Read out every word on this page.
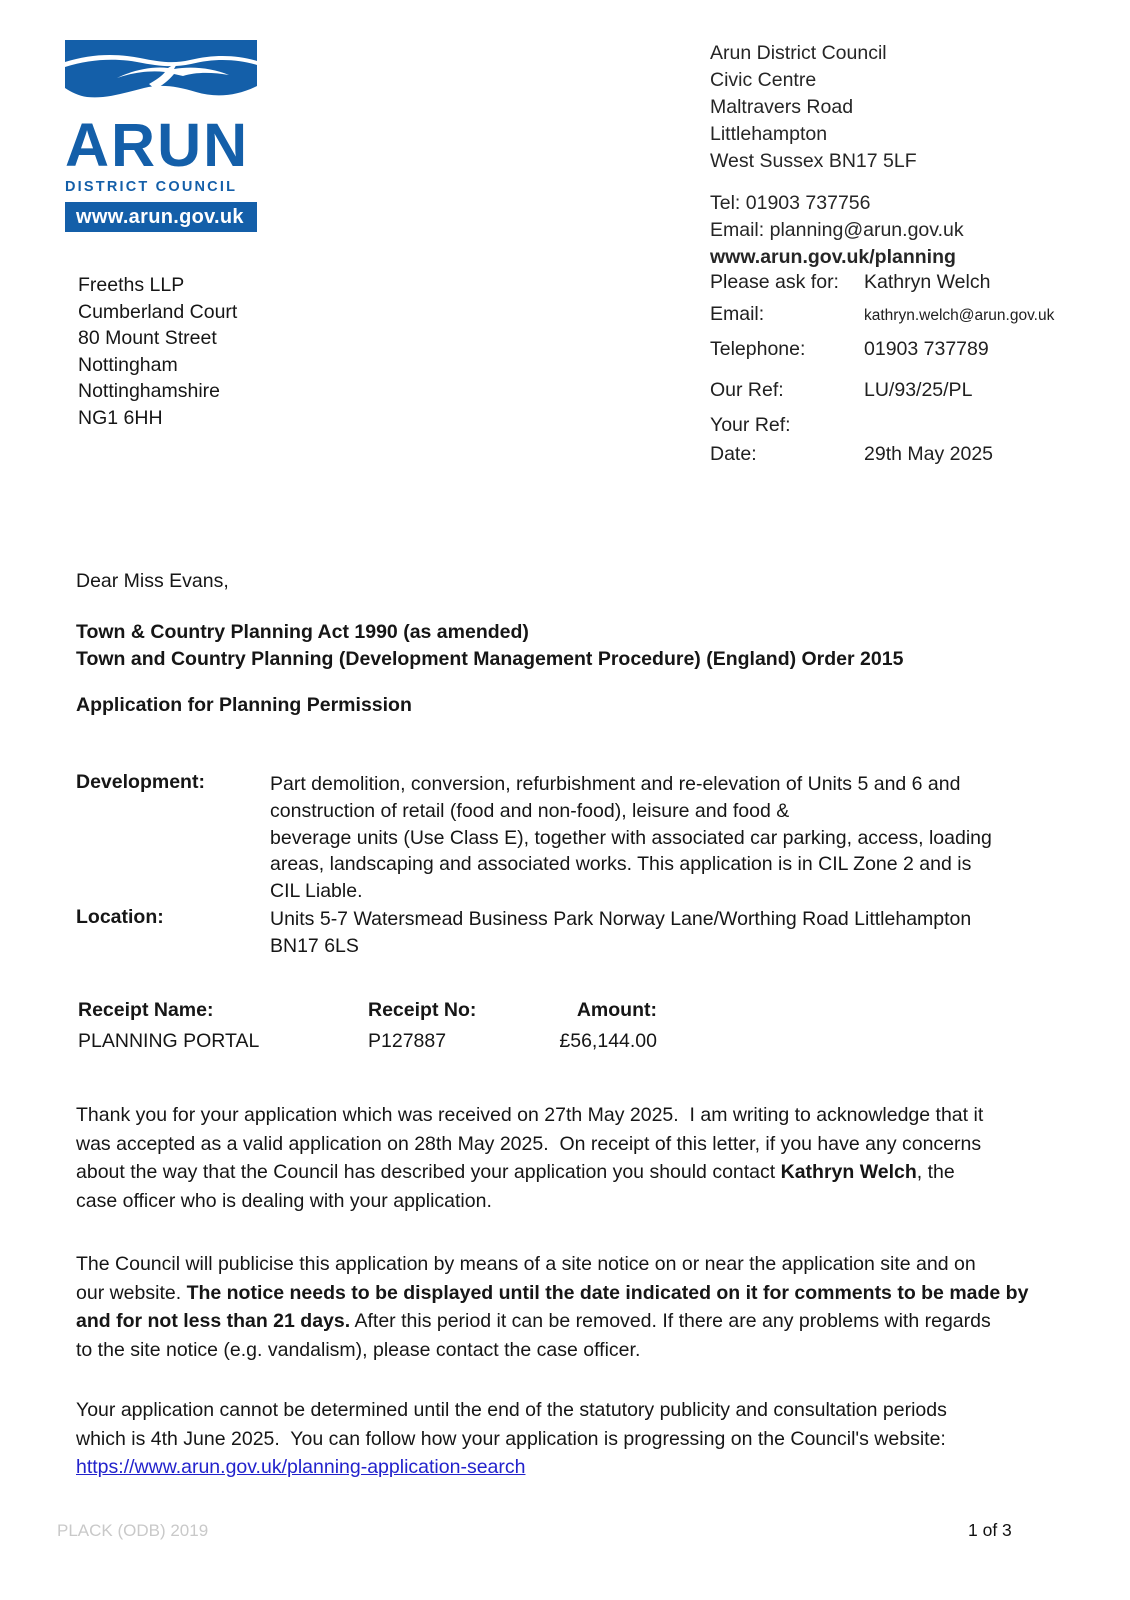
ARUN
DISTRICT COUNCIL
www.arun.gov.uk
Arun District Council
Civic Centre
Maltravers Road
Littlehampton
West Sussex BN17 5LF
Tel: 01903 737756
Email: planning@arun.gov.uk
www.arun.gov.uk/planning
Please ask for: Kathryn Welch
Email:	kathryn.welch@arun.gov.uk
Telephone:	01903 737789
Our Ref:	LU/93/25/PL
Your Ref:
Date:	29th May 2025
Freeths LLP
Cumberland Court
80 Mount Street
Nottingham
Nottinghamshire
NG1 6HH
Dear Miss Evans,
Town & Country Planning Act 1990 (as amended)
Town and Country Planning (Development Management Procedure) (England) Order 2015
Application for Planning Permission
Development:	Part demolition, conversion, refurbishment and re-elevation of Units 5 and 6 and
construction of retail (food and non-food), leisure and food &
beverage units (Use Class E), together with associated car parking, access, loading
areas, landscaping and associated works. This application is in CIL Zone 2 and is
CIL Liable.
Location:	Units 5-7 Watersmead Business Park Norway Lane/Worthing Road Littlehampton
BN17 6LS
Receipt Name:	Receipt No:	Amount:
PLANNING PORTAL	P127887	£56,144.00
Thank you for your application which was received on 27th May 2025.  I am writing to acknowledge that it
was accepted as a valid application on 28th May 2025.  On receipt of this letter, if you have any concerns
about the way that the Council has described your application you should contact Kathryn Welch, the
case officer who is dealing with your application.
The Council will publicise this application by means of a site notice on or near the application site and on
our website. The notice needs to be displayed until the date indicated on it for comments to be made by
and for not less than 21 days. After this period it can be removed. If there are any problems with regards
to the site notice (e.g. vandalism), please contact the case officer.
Your application cannot be determined until the end of the statutory publicity and consultation periods
which is 4th June 2025.  You can follow how your application is progressing on the Council's website:
https://www.arun.gov.uk/planning-application-search
PLACK (ODB) 2019	1 of 3
